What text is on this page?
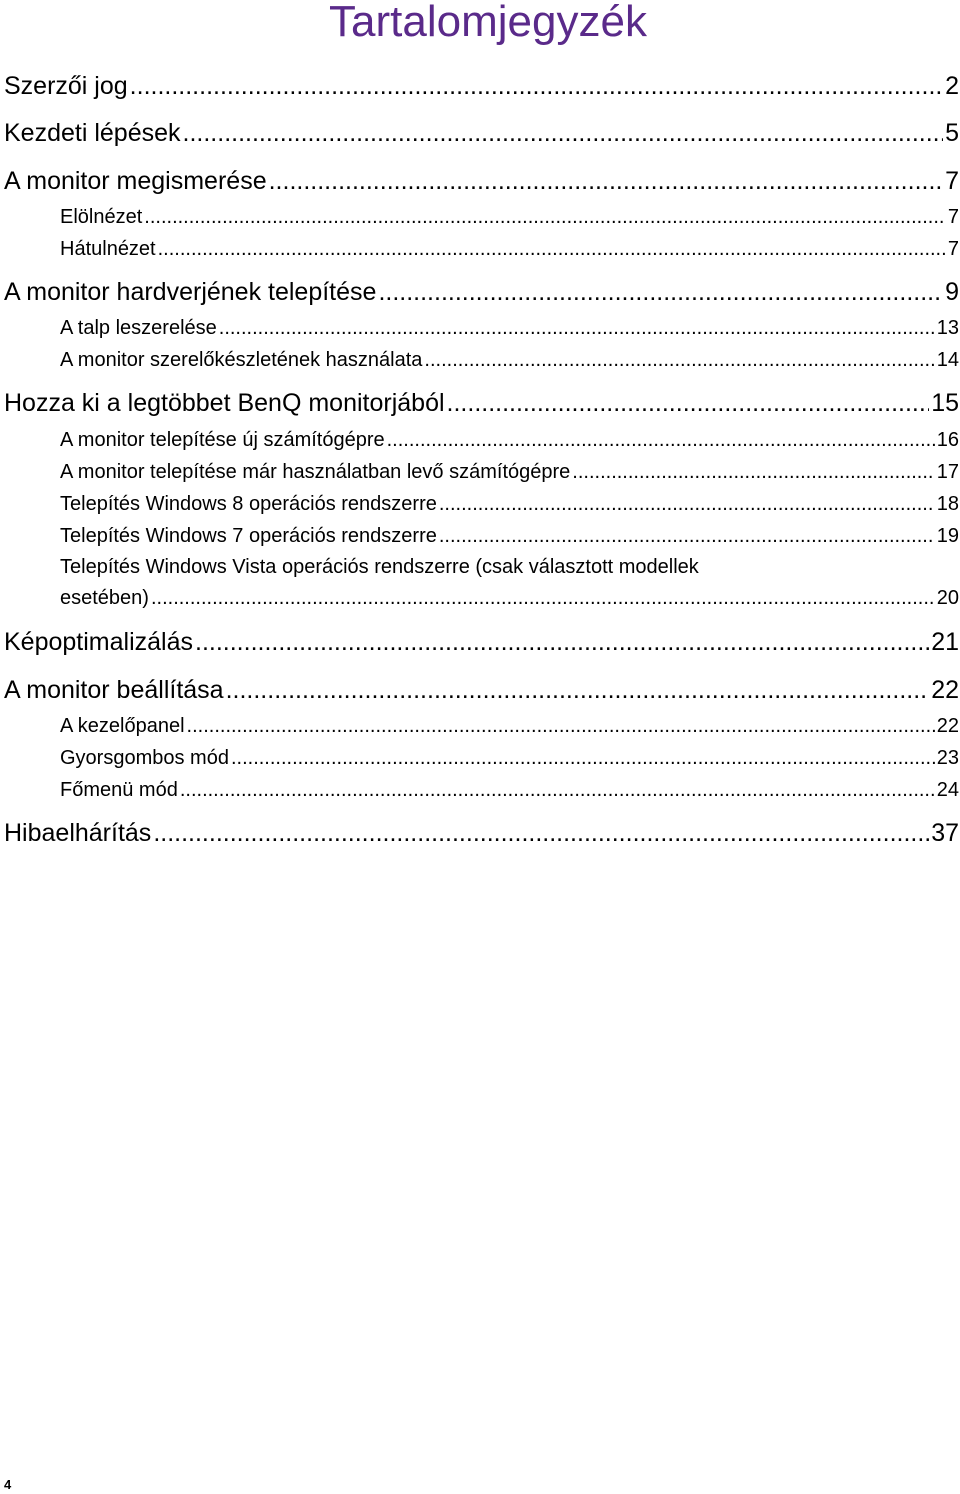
Tartalomjegyzék
Szerzői jog .....	2
Kezdeti lépések .....	5
A monitor megismerése .....	7
Elölnézet .....	7
Hátulnézet .....	7
A monitor hardverjének telepítése .....	9
A talp leszerelése .....	13
A monitor szerelőkészletének használata .....	14
Hozza ki a legtöbbet BenQ monitorjából .....	15
A monitor telepítése új számítógépre .....	16
A monitor telepítése már használatban levő számítógépre .....	17
Telepítés Windows 8 operációs rendszerre .....	18
Telepítés Windows 7 operációs rendszerre .....	19
Telepítés Windows Vista operációs rendszerre (csak választott modellek
esetében) .....	20
Képoptimalizálás .....	21
A monitor beállítása .....	22
A kezelőpanel .....	22
Gyorsgombos mód .....	23
Főmenü mód .....	24
Hibaelhárítás .....	37
4
